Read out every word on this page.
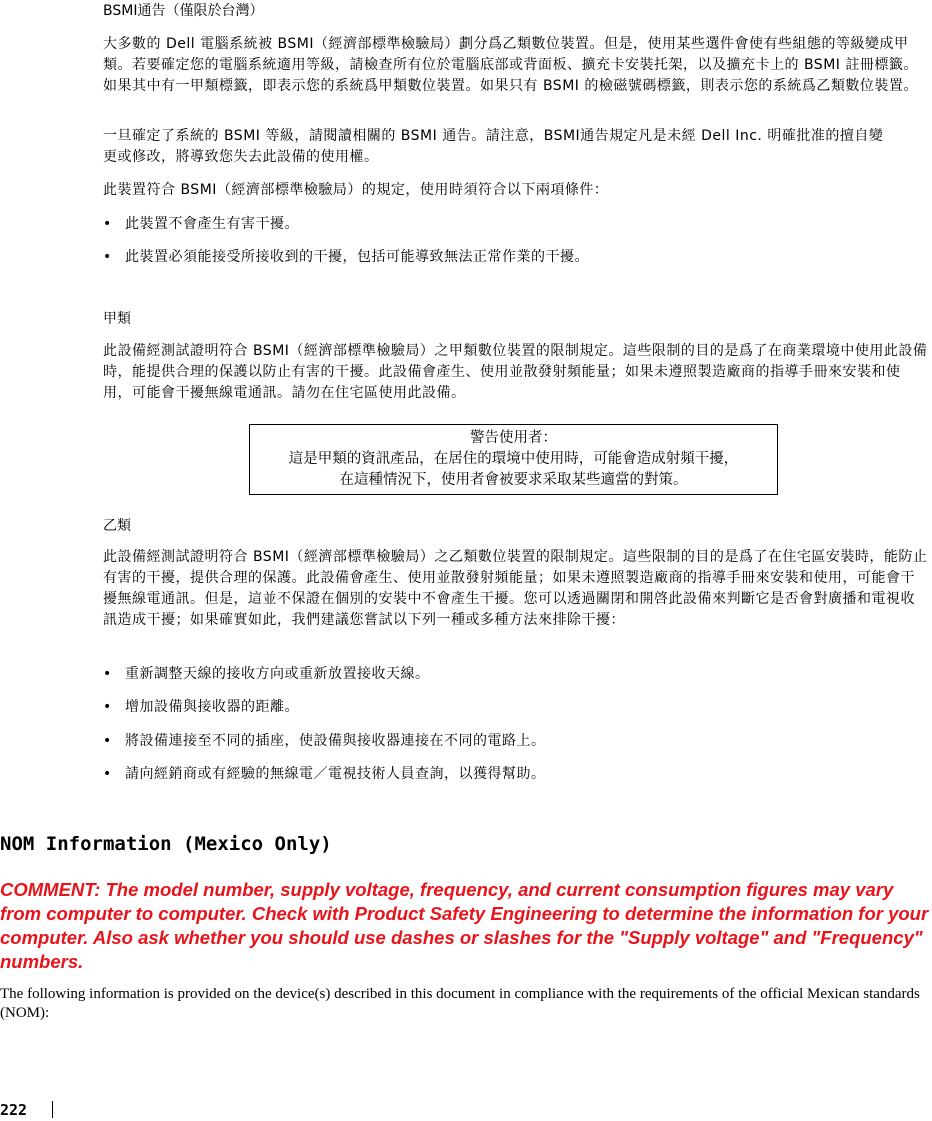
BSMI通告（僅限於台灣）
大多數的 Dell 電腦系統被 BSMI（經濟部標準檢驗局）劃分爲乙類數位裝置。但是，使用某些選件會使有些組態的等級變成甲類。若要確定您的電腦系統適用等級，請檢查所有位於電腦底部或背面板、擴充卡安裝托架，以及擴充卡上的 BSMI 註冊標籤。如果其中有一甲類標籤，即表示您的系統爲甲類數位裝置。如果只有 BSMI 的檢磁號碼標籤，則表示您的系統爲乙類數位裝置。
一旦確定了系統的 BSMI 等級，請閱讀相關的 BSMI 通告。請注意，BSMI通告規定凡是未經 Dell Inc. 明確批准的擅自變更或修改，將導致您失去此設備的使用權。
此裝置符合 BSMI（經濟部標準檢驗局）的規定，使用時須符合以下兩項條件：
• 此裝置不會產生有害干擾。
• 此裝置必須能接受所接收到的干擾，包括可能導致無法正常作業的干擾。
甲類
此設備經測試證明符合 BSMI（經濟部標準檢驗局）之甲類數位裝置的限制規定。這些限制的目的是爲了在商業環境中使用此設備時，能提供合理的保護以防止有害的干擾。此設備會產生、使用並散發射頻能量；如果未遵照製造廠商的指導手冊來安裝和使用，可能會干擾無線電通訊。請勿在住宅區使用此設備。
警告使用者：
這是甲類的資訊產品，在居住的環境中使用時，可能會造成射頻干擾，
在這種情況下，使用者會被要求采取某些適當的對策。
乙類
此設備經測試證明符合 BSMI（經濟部標準檢驗局）之乙類數位裝置的限制規定。這些限制的目的是爲了在住宅區安裝時，能防止有害的干擾，提供合理的保護。此設備會產生、使用並散發射頻能量；如果未遵照製造廠商的指導手冊來安裝和使用，可能會干擾無線電通訊。但是，這並不保證在個別的安裝中不會產生干擾。您可以透過關閉和開啓此設備來判斷它是否會對廣播和電視收訊造成干擾；如果確實如此，我們建議您嘗試以下列一種或多種方法來排除干擾：
• 重新調整天線的接收方向或重新放置接收天線。
• 增加設備與接收器的距離。
• 將設備連接至不同的插座，使設備與接收器連接在不同的電路上。
• 請向經銷商或有經驗的無線電／電視技術人員查詢，以獲得幫助。
NOM Information (Mexico Only)
COMMENT: The model number, supply voltage, frequency, and current consumption figures may vary from computer to computer. Check with Product Safety Engineering to determine the information for your computer. Also ask whether you should use dashes or slashes for the "Supply voltage" and "Frequency" numbers.
The following information is provided on the device(s) described in this document in compliance with the requirements of the official Mexican standards (NOM):
222
